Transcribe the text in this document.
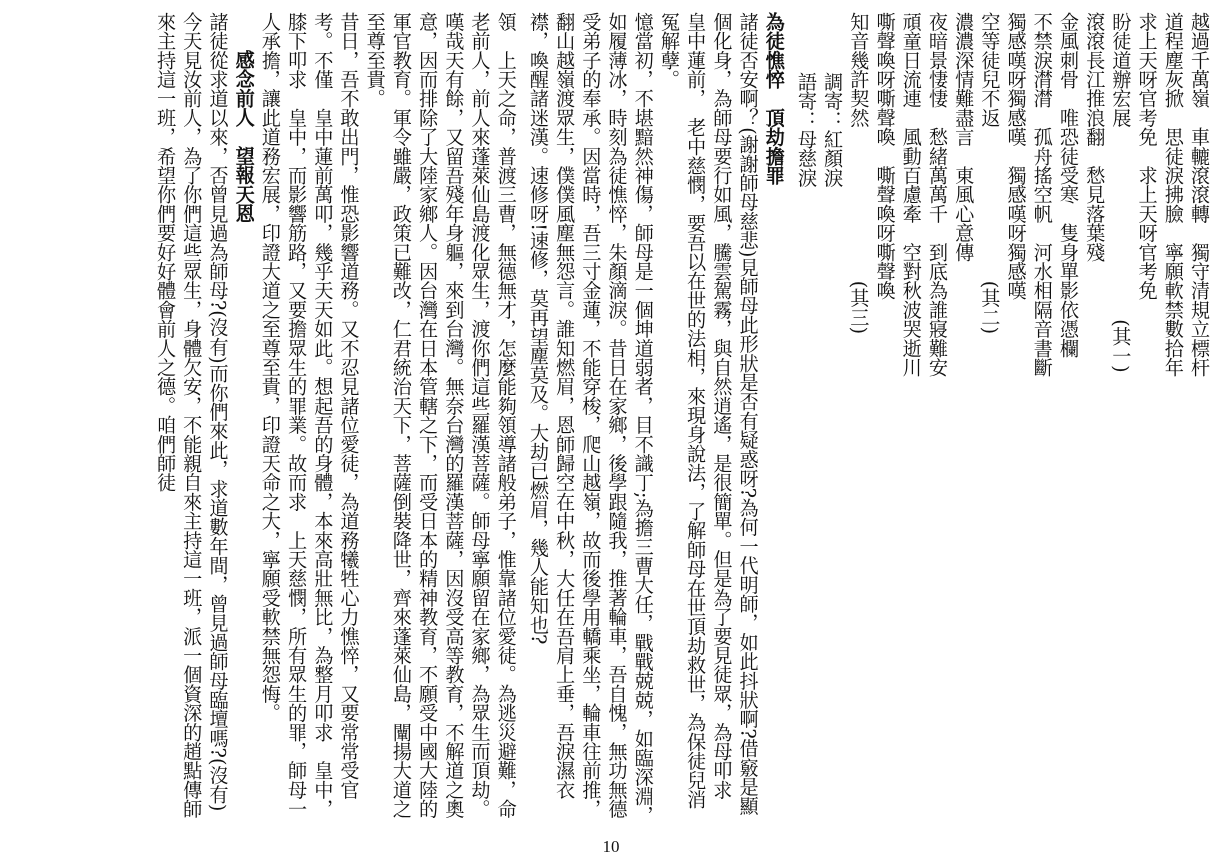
越過千萬嶺　車轆滾滾轉　獨守清規立標杆
道程塵灰掀　思徒淚拂臉　寧願軟禁數拾年
求上天呀官考免　求上天呀官考免
盼徒道辦宏展　　　　　　　　　　(其一)
滾滾長江推浪翻　愁見落葉殘
金風刺骨　唯恐徒受寒　隻身單影依憑欄
不禁淚潸潸　孤舟搖空帆　河水相隔音書斷
獨感嘆呀獨感嘆　獨感嘆呀獨感嘆
空等徒兒不返　　　　　　　　(其二)
濃濃深情難盡言　東風心意傳
夜暗景悽悽　愁緒萬萬千　到底為誰寢難安
頑童日流連　風動百慮牽　空對秋波哭逝川
嘶聲喚呀嘶聲喚　嘶聲喚呀嘶聲喚
知音幾許契然　　　　　　　　(其三)
調寄：紅顏淚
語寄：母慈淚
為徒憔悴　頂劫擔罪
諸徒否安啊？(謝謝師母慈悲)見師母此形狀是否有疑惑呀?為何一代明師，如此抖狀啊?借竅是顯個化身，為師母要行如風，騰雲駕霧，與自然逍遙，是很簡單。但是為了要見徒眾，為母叩求　皇中蓮前，　老中慈憫，要吾以在世的法相，來現身說法，了解師母在世頂劫救世，為保徒兒消冤解孽。
憶當初，不堪黯然神傷，師母是一個坤道弱者，目不識丁;為擔三曹大任，戰戰兢兢，如臨深淵，如履薄冰，時刻為徒憔悴，朱顏滴淚。昔日在家鄉，後學跟隨我，推著輪車，吾自愧，無功無德受弟子的奉承。因當時，吾三寸金蓮，不能穿梭，爬山越嶺，故而後學用轎乘坐，輪車往前推，翻山越嶺渡眾生，僕僕風塵無怨言。誰知燃眉，恩師歸空在中秋，大任在吾肩上垂，吾淚濕衣襟，喚醒諸迷漢。速修呀!速修，莫再望塵莫及。大劫已燃眉，幾人能知也?
領　上天之命，普渡三曹，無德無才，怎麼能夠領導諸般弟子，惟靠諸位愛徒。為逃災避難，命老前人，前人來蓬萊仙島渡化眾生，渡你們這些羅漢菩薩。師母寧願留在家鄉，為眾生而頂劫。嘆哉天有餘，又留吾殘年身軀，來到台灣。無奈台灣的羅漢菩薩，因沒受高等教育，不解道之奧意，因而排除了大陸家鄉人。因台灣在日本管轄之下，而受日本的精神教育，不願受中國大陸的軍官教育。軍令雖嚴，政策已難改，仁君統治天下，菩薩倒裝降世，齊來蓬萊仙島，闡揚大道之至尊至貴。
昔日，吾不敢出門，惟恐影響道務。又不忍見諸位愛徒，為道務犧牲心力憔悴，又要常常受官考。不僅　皇中蓮前萬叩，幾乎天天如此。想起吾的身體，本來高壯無比，為整月叩求　皇中，膝下叩求　皇中，而影響筋路，又要擔眾生的罪業。故而求　上天慈憫，所有眾生的罪，師母一人承擔，讓此道務宏展，印證大道之至尊至貴，印證天命之大，寧願受軟禁無怨悔。
感念前人　望報天恩
諸徒從求道以來，否曾見過為師母?(沒有)而你們來此，求道數年間，曾見過師母臨壇嗎?(沒有)今天見汝前人，為了你們這些眾生，身體欠安，不能親自來主持這一班，派一個資深的趙點傳師來主持這一班，希望你們要好好體會前人之德。咱們師徒
10
